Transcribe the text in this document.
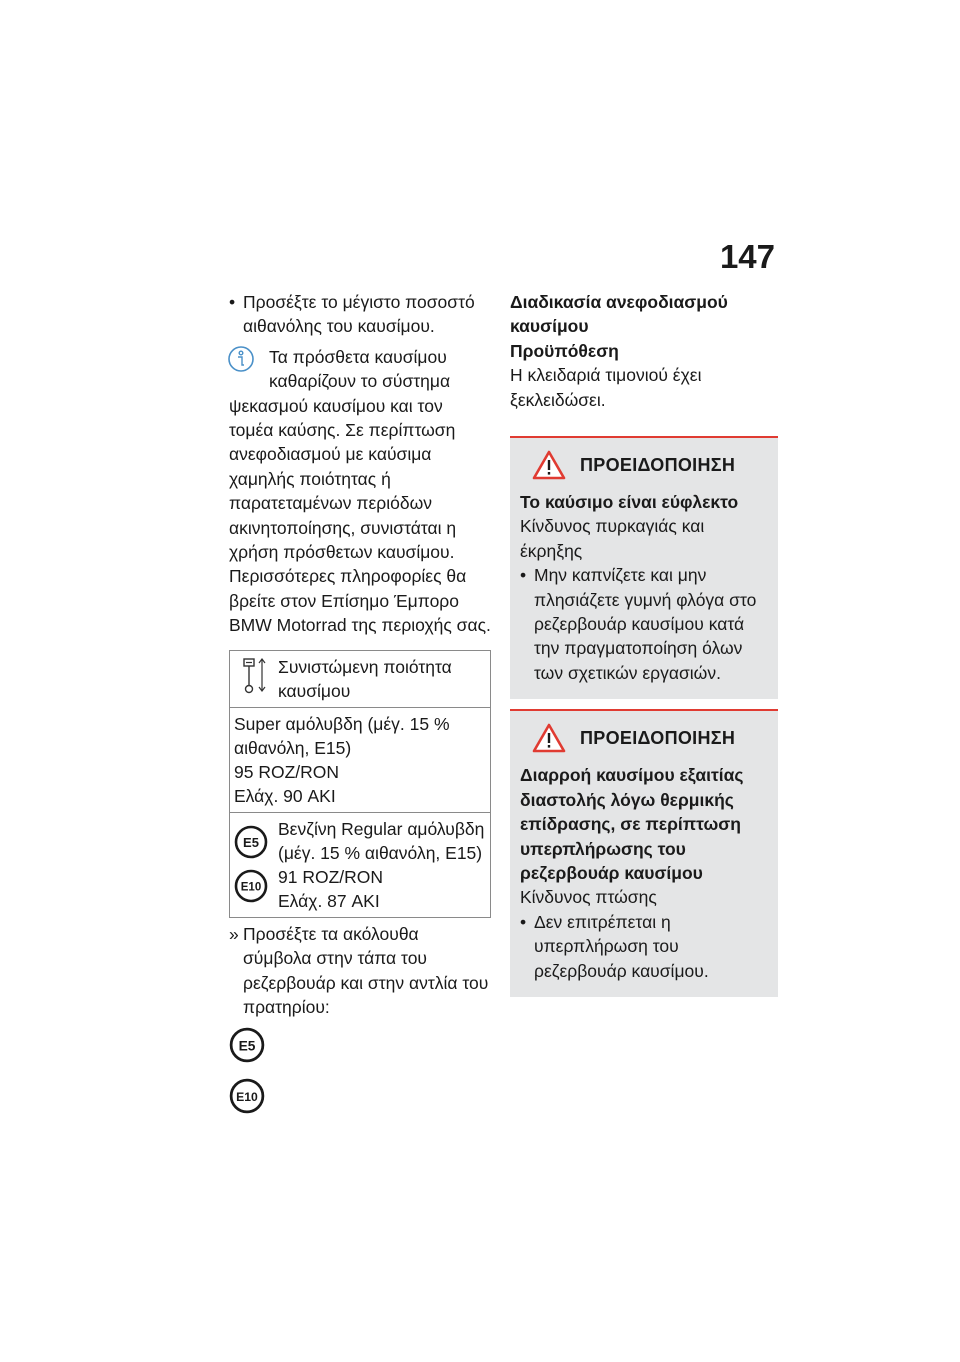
147
• Προσέξτε το μέγιστο ποσοστό αιθανόλης του καυσίμου.
Τα πρόσθετα καυσίμου καθαρίζουν το σύστημα
ψεκασμού καυσίμου και τον τομέα καύσης. Σε περίπτωση ανεφοδιασμού με καύσιμα χαμηλής ποιότητας ή παρατεταμένων περιόδων ακινητοποίησης, συνιστάται η χρήση πρόσθετων καυσίμου. Περισσότερες πληροφορίες θα βρείτε στον Επίσημο Έμπορο BMW Motorrad της περιοχής σας.
Συνιστώμενη ποιότητα καυσίμου

Super αμόλυβδη (μέγ. 15 %
αιθανόλη, E15)
95 ROZ/RON
Ελάχ. 90 AKI

E5
E10
Βενζίνη Regular αμόλυβδη (μέγ. 15 % αιθανόλη, E15)
91 ROZ/RON
Ελάχ. 87 AKI
» Προσέξτε τα ακόλουθα σύμβολα στην τάπα του ρεζερβουάρ και στην αντλία του πρατηρίου:
E5
E10
Διαδικασία ανεφοδιασμού καυσίμου
Προϋπόθεση
Η κλειδαριά τιμονιού έχει ξεκλειδώσει.
ΠΡΟΕΙΔΟΠΟΙΗΣΗ
Το καύσιμο είναι εύφλεκτο
Κίνδυνος πυρκαγιάς και έκρηξης
• Μην καπνίζετε και μην πλησιάζετε γυμνή φλόγα στο ρεζερβουάρ καυσίμου κατά την πραγματοποίηση όλων των σχετικών εργασιών.
ΠΡΟΕΙΔΟΠΟΙΗΣΗ
Διαρροή καυσίμου εξαιτίας διαστολής λόγω θερμικής επίδρασης, σε περίπτωση υπερπλήρωσης του ρεζερβουάρ καυσίμου
Κίνδυνος πτώσης
• Δεν επιτρέπεται η υπερπλήρωση του ρεζερβουάρ καυσίμου.
